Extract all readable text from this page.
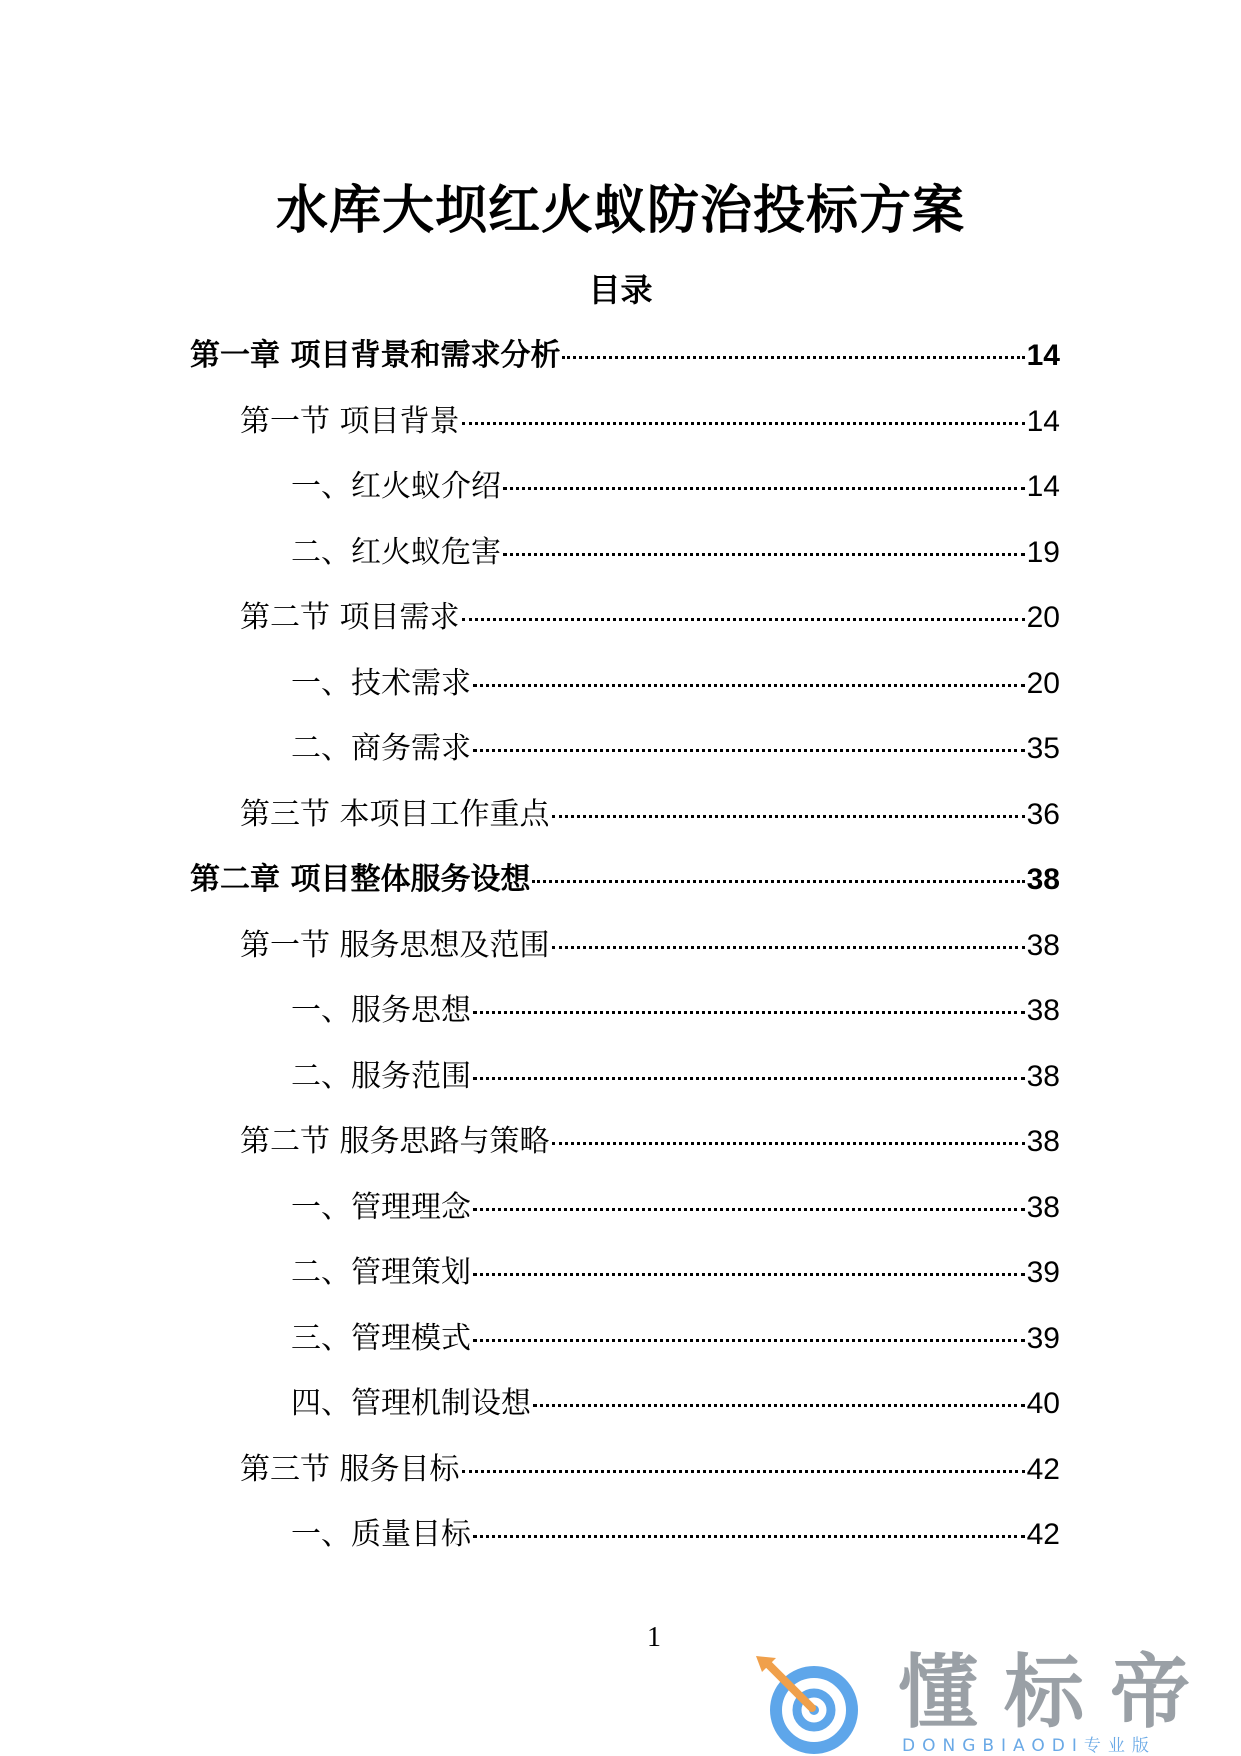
水库大坝红火蚁防治投标方案
目录
第一章 项目背景和需求分析	14
第一节 项目背景	14
一、红火蚁介绍	14
二、红火蚁危害	19
第二节 项目需求	20
一、技术需求	20
二、商务需求	35
第三节 本项目工作重点	36
第二章 项目整体服务设想	38
第一节 服务思想及范围	38
一、服务思想	38
二、服务范围	38
第二节 服务思路与策略	38
一、管理理念	38
二、管理策划	39
三、管理模式	39
四、管理机制设想	40
第三节 服务目标	42
一、质量目标	42
1
懂标帝
DONGBIAODI专业版
